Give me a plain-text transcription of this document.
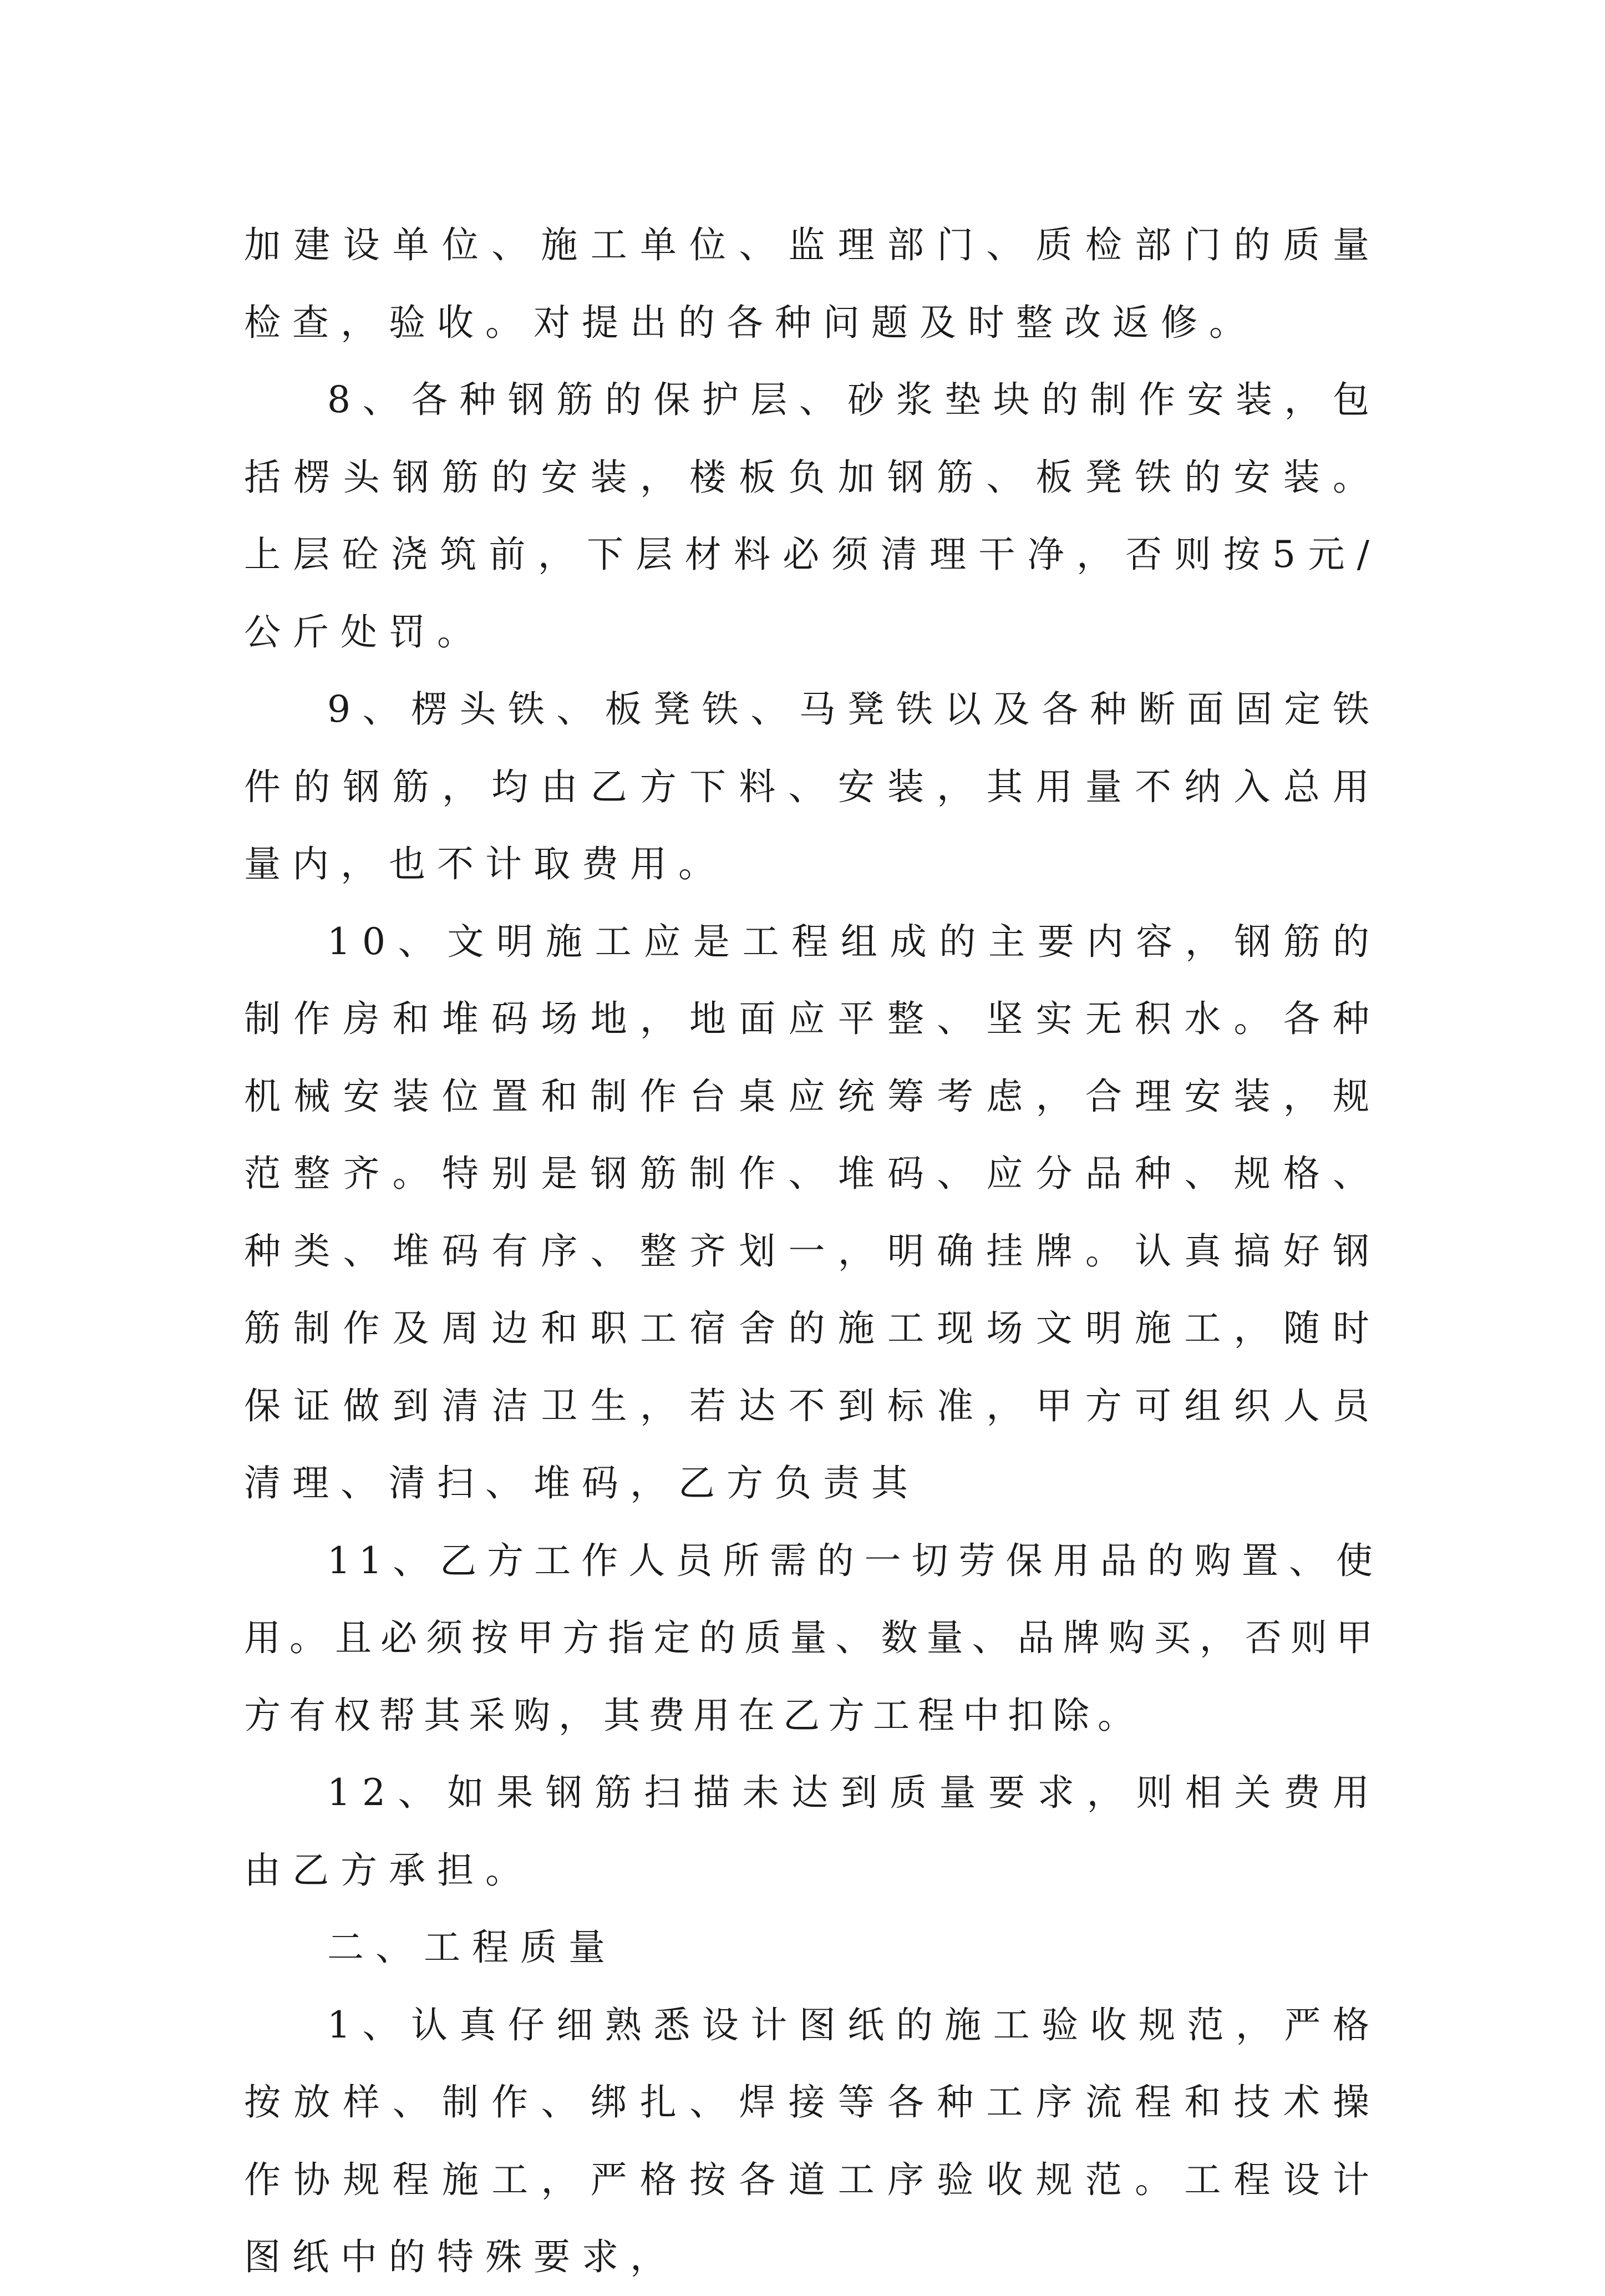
加建设单位、施工单位、监理部门、质检部门的质量检查，验收。对提出的各种问题及时整改返修。

8、各种钢筋的保护层、砂浆垫块的制作安装，包括楞头钢筋的安装，楼板负加钢筋、板凳铁的安装。上层砼浇筑前，下层材料必须清理干净，否则按5元/公斤处罚。

9、楞头铁、板凳铁、马凳铁以及各种断面固定铁件的钢筋，均由乙方下料、安装，其用量不纳入总用量内，也不计取费用。

10、文明施工应是工程组成的主要内容，钢筋的制作房和堆码场地，地面应平整、坚实无积水。各种机械安装位置和制作台桌应统筹考虑，合理安装，规范整齐。特别是钢筋制作、堆码、应分品种、规格、种类、堆码有序、整齐划一，明确挂牌。认真搞好钢筋制作及周边和职工宿舍的施工现场文明施工，随时保证做到清洁卫生，若达不到标准，甲方可组织人员清理、清扫、堆码，乙方负责其

11、乙方工作人员所需的一切劳保用品的购置、使用。且必须按甲方指定的质量、数量、品牌购买，否则甲方有权帮其采购，其费用在乙方工程中扣除。

12、如果钢筋扫描未达到质量要求，则相关费用由乙方承担。

二、工程质量

1、认真仔细熟悉设计图纸的施工验收规范，严格按放样、制作、绑扎、焊接等各种工序流程和技术操作协规程施工，严格按各道工序验收规范。工程设计图纸中的特殊要求，
